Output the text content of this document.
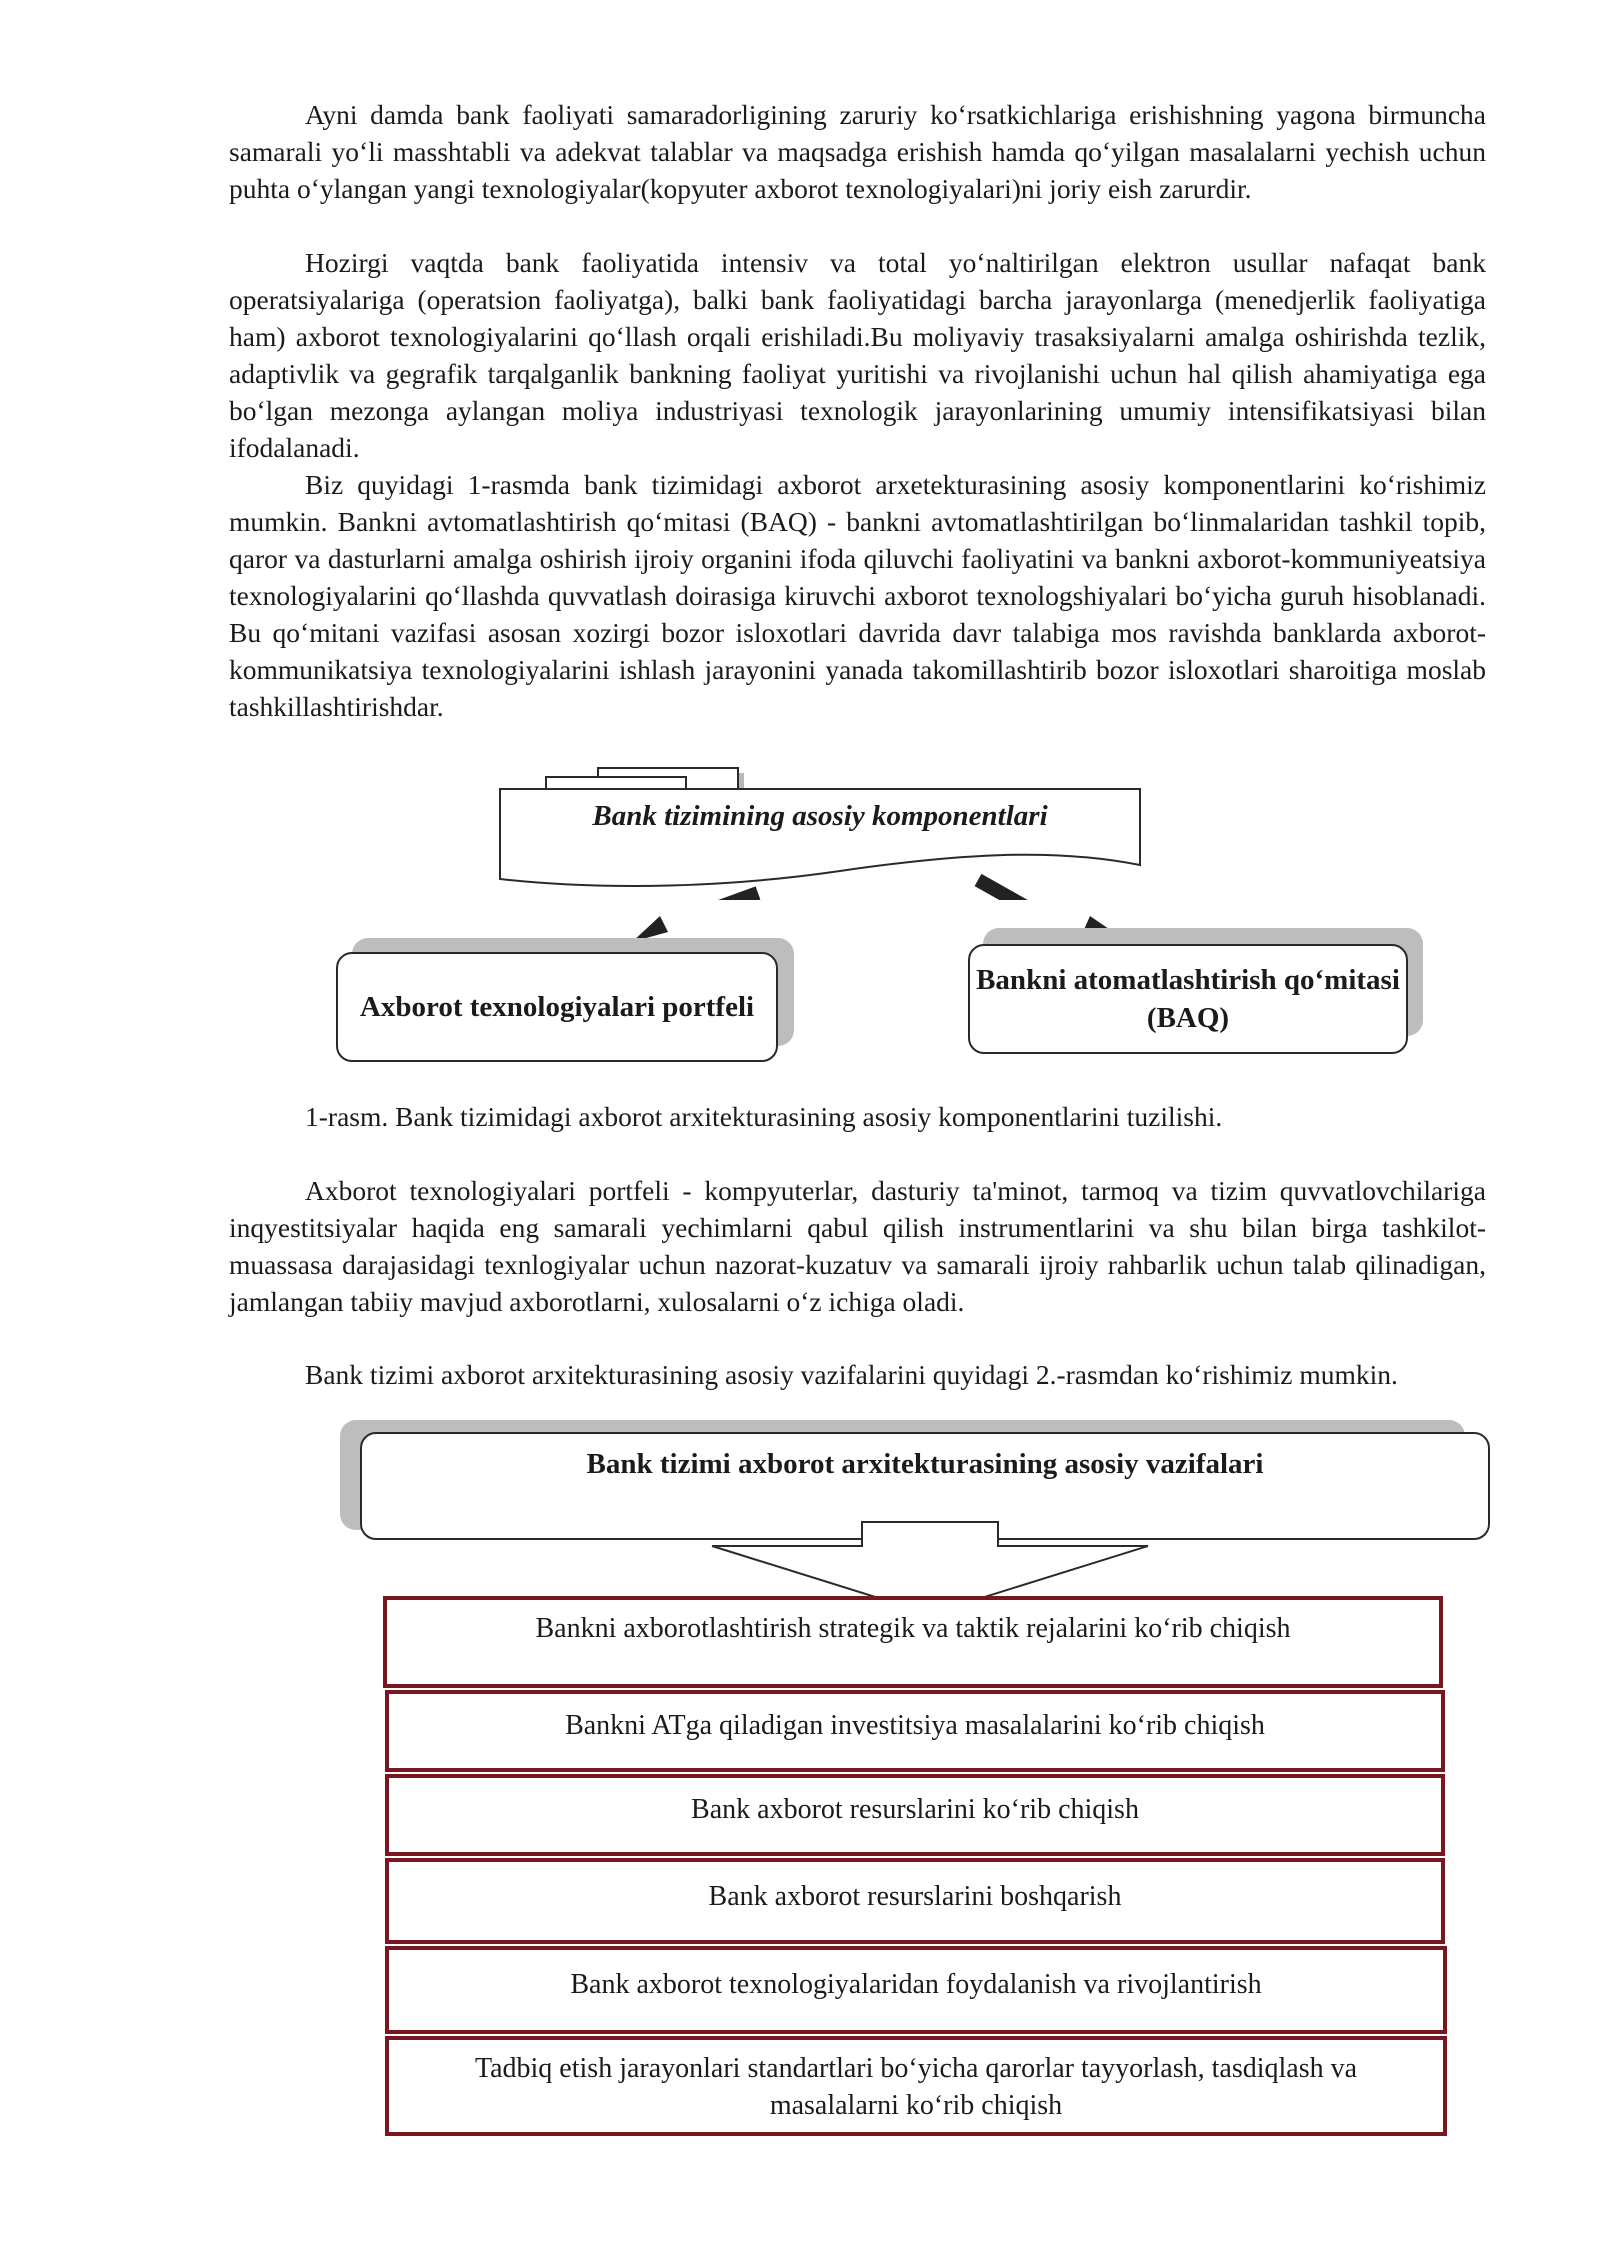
Ayni damda bank faoliyati samaradorligining zaruriy ko‘rsatkichlariga erishishning yagona birmuncha samarali yo‘li masshtabli va adekvat talablar va maqsadga erishish hamda qo‘yilgan masalalarni yechish uchun puhta o‘ylangan yangi texnologiyalar(kopyuter axborot texnologiyalari)ni joriy eish zarurdir.

Hozirgi vaqtda bank faoliyatida intensiv va total yo‘naltirilgan elektron usullar nafaqat bank operatsiyalariga (operatsion faoliyatga), balki bank faoliyatidagi barcha jarayonlarga (menedjerlik faoliyatiga ham) axborot texnologiyalarini qo‘llash orqali erishiladi.Bu moliyaviy trasaksiyalarni amalga oshirishda tezlik, adaptivlik va gegrafik tarqalganlik bankning faoliyat yuritishi va rivojlanishi uchun hal qilish ahamiyatiga ega bo‘lgan mezonga aylangan moliya industriyasi texnologik jarayonlarining umumiy intensifikatsiyasi bilan ifodalanadi.

Biz quyidagi 1-rasmda bank tizimidagi axborot arxetekturasining asosiy komponentlarini ko‘rishimiz mumkin. Bankni avtomatlashtirish qo‘mitasi (BAQ) - bankni avtomatlashtirilgan bo‘linmalaridan tashkil topib, qaror va dasturlarni amalga oshirish ijroiy organini ifoda qiluvchi faoliyatini va bankni axborot-kommuniyeatsiya texnologiyalarini qo‘llashda quvvatlash doirasiga kiruvchi axborot texnologshiyalari bo‘yicha guruh hisoblanadi. Bu qo‘mitani vazifasi asosan xozirgi bozor isloxotlari davrida davr talabiga mos ravishda banklarda axborot-kommunikatsiya texnologiyalarini ishlash jarayonini yanada takomillashtirib bozor isloxotlari sharoitiga moslab tashkillashtirishdar.

Bank tizimining asosiy komponentlari
Axborot texnologiyalari portfeli
Bankni atomatlashtirish qo‘mitasi (BAQ)

1-rasm. Bank tizimidagi axborot arxitekturasining asosiy komponentlarini tuzilishi.

Axborot texnologiyalari portfeli - kompyuterlar, dasturiy ta'minot, tarmoq va tizim quvvatlovchilariga inqyestitsiyalar haqida eng samarali yechimlarni qabul qilish instrumentlarini va shu bilan birga tashkilot-muassasa darajasidagi texnlogiyalar uchun nazorat-kuzatuv va samarali ijroiy rahbarlik uchun talab qilinadigan, jamlangan tabiiy mavjud axborotlarni, xulosalarni o‘z ichiga oladi.

Bank tizimi axborot arxitekturasining asosiy vazifalarini quyidagi 2.-rasmdan ko‘rishimiz mumkin.

Bank tizimi axborot arxitekturasining asosiy vazifalari
Bankni axborotlashtirish strategik va taktik rejalarini ko‘rib chiqish
Bankni ATga qiladigan investitsiya masalalarini ko‘rib chiqish
Bank axborot resurslarini ko‘rib chiqish
Bank axborot resurslarini boshqarish
Bank axborot texnologiyalaridan foydalanish va rivojlantirish
Tadbiq etish jarayonlari standartlari bo‘yicha qarorlar tayyorlash, tasdiqlash va masalalarni ko‘rib chiqish
